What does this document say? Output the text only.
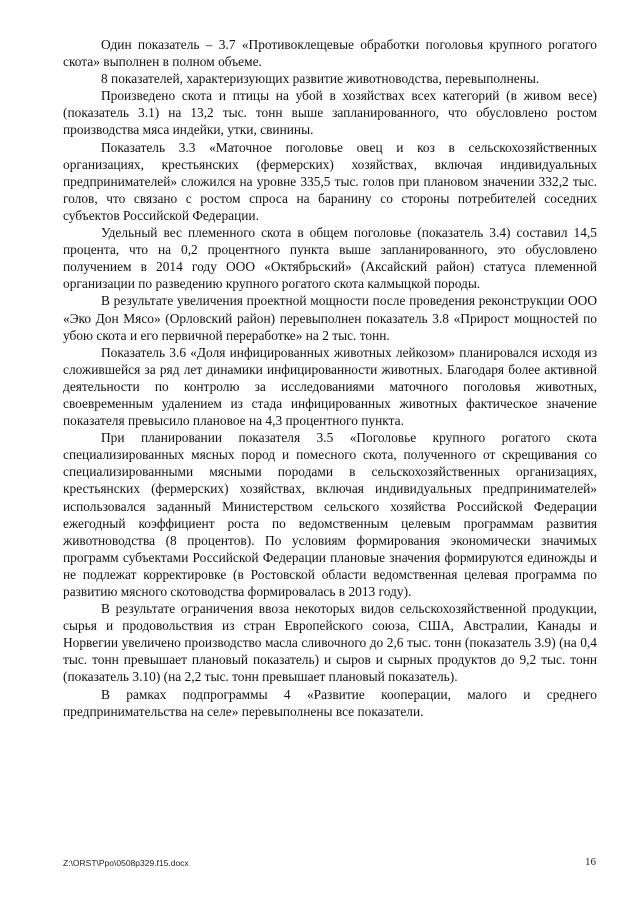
Один показатель – 3.7 «Противоклещевые обработки поголовья крупного рогатого скота» выполнен в полном объеме.

8 показателей, характеризующих развитие животноводства, перевыполнены.

Произведено скота и птицы на убой в хозяйствах всех категорий (в живом весе) (показатель 3.1) на 13,2 тыс. тонн выше запланированного, что обусловлено ростом производства мяса индейки, утки, свинины.

Показатель 3.3 «Маточное поголовье овец и коз в сельскохозяйственных организациях, крестьянских (фермерских) хозяйствах, включая индивидуальных предпринимателей» сложился на уровне 335,5 тыс. голов при плановом значении 332,2 тыс. голов, что связано с ростом спроса на баранину со стороны потребителей соседних субъектов Российской Федерации.

Удельный вес племенного скота в общем поголовье (показатель 3.4) составил 14,5 процента, что на 0,2 процентного пункта выше запланированного, это обусловлено получением в 2014 году ООО «Октябрьский» (Аксайский район) статуса племенной организации по разведению крупного рогатого скота калмыцкой породы.

В результате увеличения проектной мощности после проведения реконструкции ООО «Эко Дон Мясо» (Орловский район) перевыполнен показатель 3.8 «Прирост мощностей по убою скота и его первичной переработке» на 2 тыс. тонн.

Показатель 3.6 «Доля инфицированных животных лейкозом» планировался исходя из сложившейся за ряд лет динамики инфицированности животных. Благодаря более активной деятельности по контролю за исследованиями маточного поголовья животных, своевременным удалением из стада инфицированных животных фактическое значение показателя превысило плановое на 4,3 процентного пункта.

При планировании показателя 3.5 «Поголовье крупного рогатого скота специализированных мясных пород и помесного скота, полученного от скрещивания со специализированными мясными породами в сельскохозяйственных организациях, крестьянских (фермерских) хозяйствах, включая индивидуальных предпринимателей» использовался заданный Министерством сельского хозяйства Российской Федерации ежегодный коэффициент роста по ведомственным целевым программам развития животноводства (8 процентов). По условиям формирования экономически значимых программ субъектами Российской Федерации плановые значения формируются единожды и не подлежат корректировке (в Ростовской области ведомственная целевая программа по развитию мясного скотоводства формировалась в 2013 году).

В результате ограничения ввоза некоторых видов сельскохозяйственной продукции, сырья и продовольствия из стран Европейского союза, США, Австралии, Канады и Норвегии увеличено производство масла сливочного до 2,6 тыс. тонн (показатель 3.9) (на 0,4 тыс. тонн превышает плановый показатель) и сыров и сырных продуктов до 9,2 тыс. тонн (показатель 3.10) (на 2,2 тыс. тонн превышает плановый показатель).

В рамках подпрограммы 4 «Развитие кооперации, малого и среднего предпринимательства на селе» перевыполнены все показатели.

Z:\ORST\Ppo\0508p329.f15.docx	16
